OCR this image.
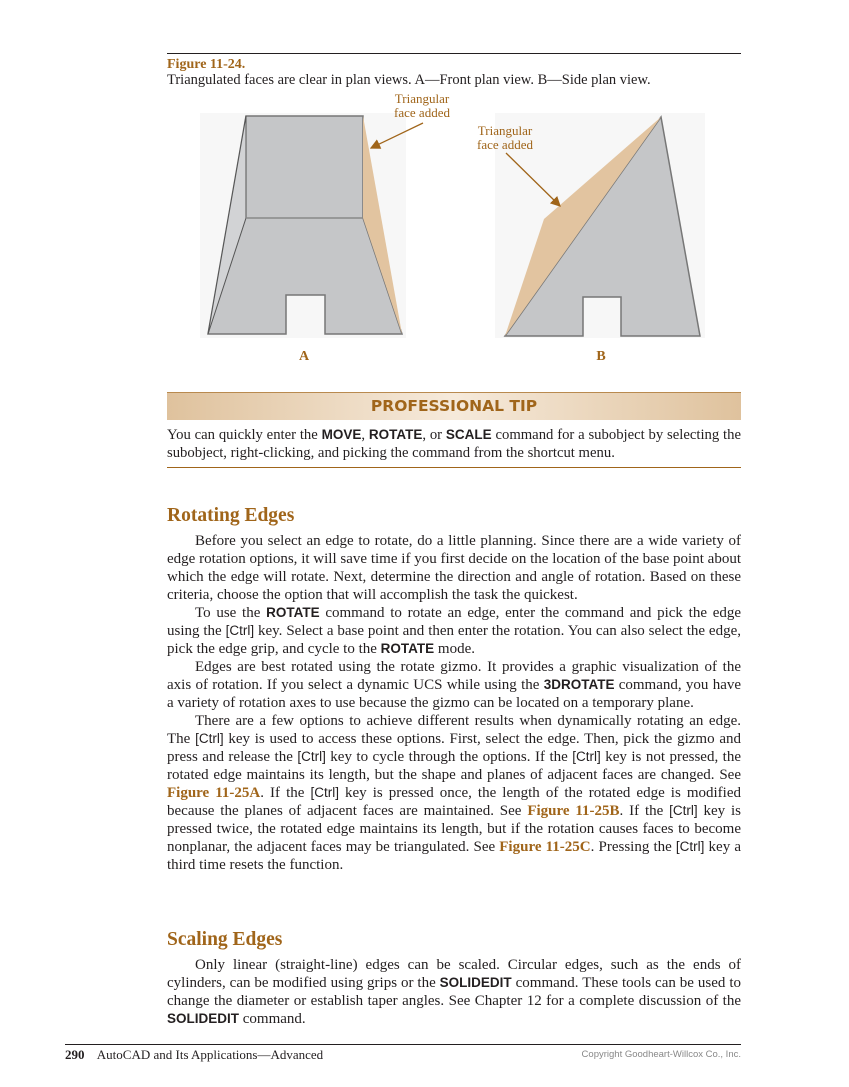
Figure 11-24.
Triangulated faces are clear in plan views. A—Front plan view. B—Side plan view.
Triangular
face added
Triangular
face added
A	B
PROFESSIONAL TIP
You can quickly enter the MOVE, ROTATE, or SCALE command for a subobject by selecting the subobject, right-clicking, and picking the command from the shortcut menu.
Rotating Edges

Before you select an edge to rotate, do a little planning. Since there are a wide variety of edge rotation options, it will save time if you first decide on the location of the base point about which the edge will rotate. Next, determine the direction and angle of rotation. Based on these criteria, choose the option that will accomplish the task the quickest.

To use the ROTATE command to rotate an edge, enter the command and pick the edge using the [Ctrl] key. Select a base point and then enter the rotation. You can also select the edge, pick the edge grip, and cycle to the ROTATE mode.

Edges are best rotated using the rotate gizmo. It provides a graphic visualization of the axis of rotation. If you select a dynamic UCS while using the 3DROTATE command, you have a variety of rotation axes to use because the gizmo can be located on a temporary plane.

There are a few options to achieve different results when dynamically rotating an edge. The [Ctrl] key is used to access these options. First, select the edge. Then, pick the gizmo and press and release the [Ctrl] key to cycle through the options. If the [Ctrl] key is not pressed, the rotated edge maintains its length, but the shape and planes of adjacent faces are changed. See Figure 11-25A. If the [Ctrl] key is pressed once, the length of the rotated edge is modified because the planes of adjacent faces are maintained. See Figure 11-25B. If the [Ctrl] key is pressed twice, the rotated edge maintains its length, but if the rotation causes faces to become nonplanar, the adjacent faces may be triangulated. See Figure 11-25C. Pressing the [Ctrl] key a third time resets the function.

Scaling Edges

Only linear (straight-line) edges can be scaled. Circular edges, such as the ends of cylinders, can be modified using grips or the SOLIDEDIT command. These tools can be used to change the diameter or establish taper angles. See Chapter 12 for a complete discussion of the SOLIDEDIT command.

290 AutoCAD and Its Applications—Advanced	Copyright Goodheart-Willcox Co., Inc.
